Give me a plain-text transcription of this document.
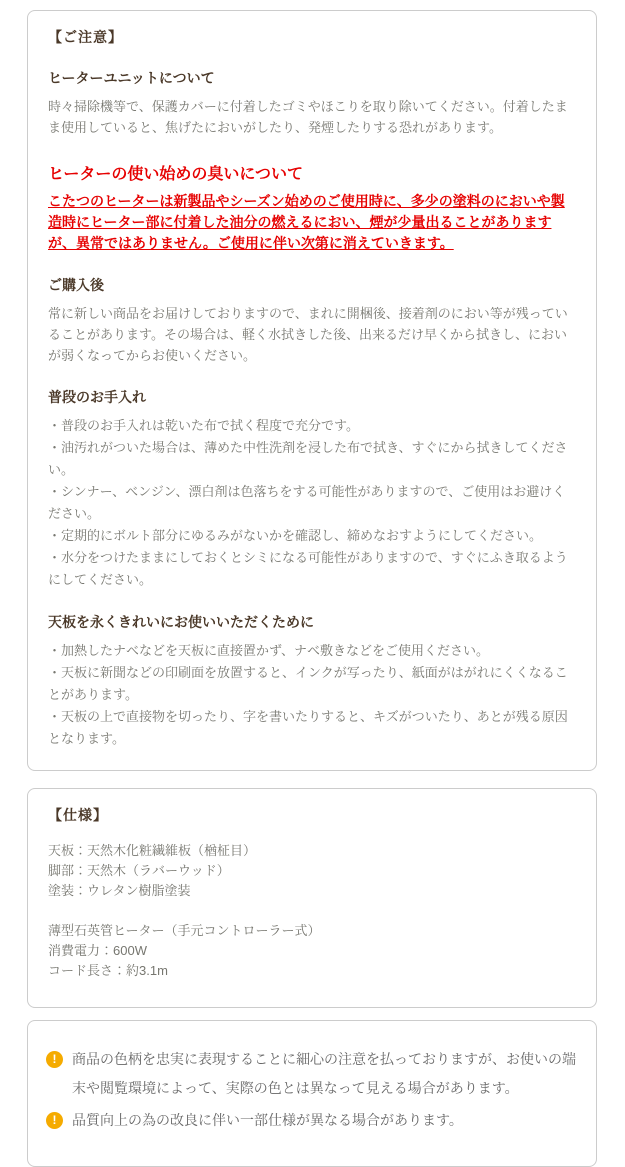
【ご注意】
ヒーターユニットについて

時々掃除機等で、保護カバーに付着したゴミやほこりを取り除いてください。付着したまま使用していると、焦げたにおいがしたり、発煙したりする恐れがあります。

ヒーターの使い始めの臭いについて

こたつのヒーターは新製品やシーズン始めのご使用時に、多少の塗料のにおいや製造時にヒーター部に付着した油分の燃えるにおい、煙が少量出ることがありますが、異常ではありません。ご使用に伴い次第に消えていきます。

ご購入後

常に新しい商品をお届けしておりますので、まれに開梱後、接着剤のにおい等が残っていることがあります。その場合は、軽く水拭きした後、出来るだけ早くから拭きし、においが弱くなってからお使いください。

普段のお手入れ
・普段のお手入れは乾いた布で拭く程度で充分です。
・油汚れがついた場合は、薄めた中性洗剤を浸した布で拭き、すぐにから拭きしてください。
・シンナー、ベンジン、漂白剤は色落ちをする可能性がありますので、ご使用はお避けください。
・定期的にボルト部分にゆるみがないかを確認し、締めなおすようにしてください。
・水分をつけたままにしておくとシミになる可能性がありますので、すぐにふき取るようにしてください。
天板を永くきれいにお使いいただくために
・加熱したナベなどを天板に直接置かず、ナベ敷きなどをご使用ください。
・天板に新聞などの印刷面を放置すると、インクが写ったり、紙面がはがれにくくなることがあります。
・天板の上で直接物を切ったり、字を書いたりすると、キズがついたり、あとが残る原因となります。
【仕様】
天板：天然木化粧繊維板（楢柾目）
脚部：天然木（ラバーウッド）
塗装：ウレタン樹脂塗装
薄型石英管ヒーター（手元コントローラー式）
消費電力：600W
コード長さ：約3.1m
!	商品の色柄を忠実に表現することに細心の注意を払っておりますが、お使いの端末や閲覧環境によって、実際の色とは異なって見える場合があります。
!	品質向上の為の改良に伴い一部仕様が異なる場合があります。
